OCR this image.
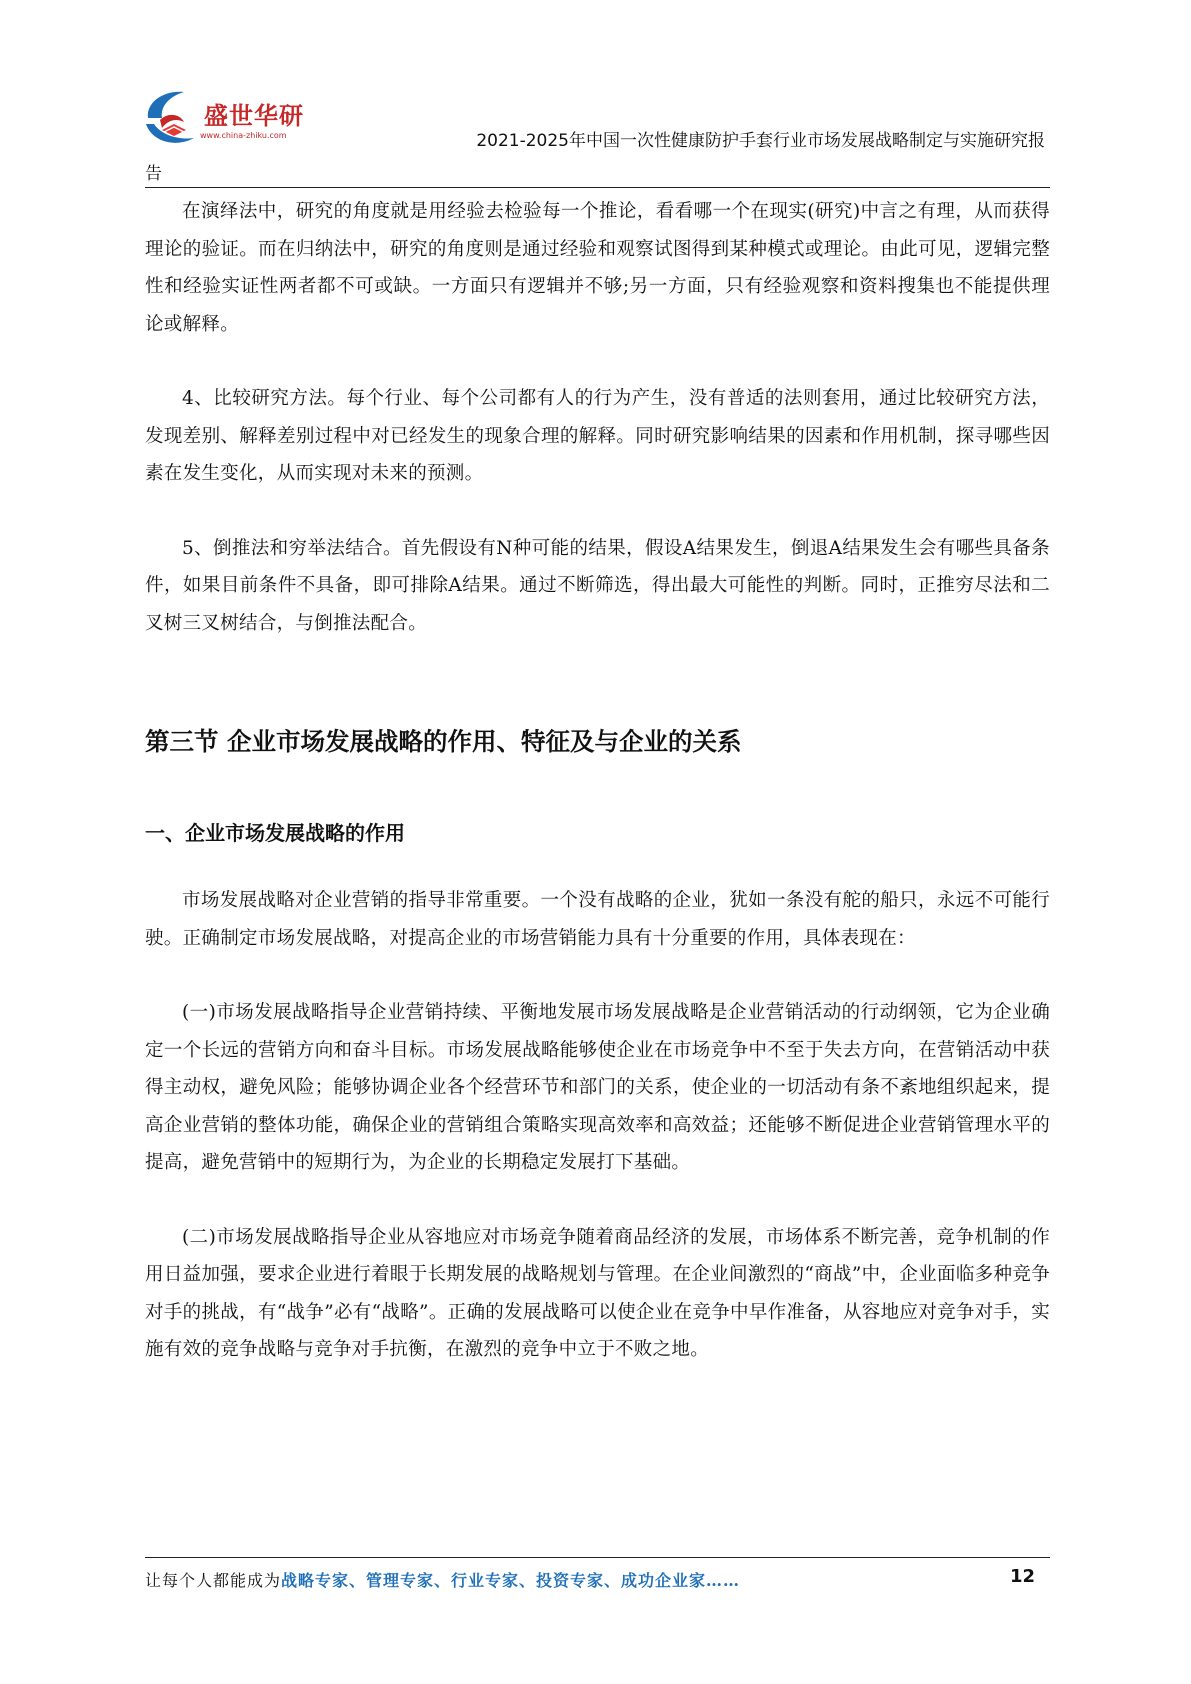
盛世华研
www.china-zhiku.com	2021-2025年中国一次性健康防护手套行业市场发展战略制定与实施研究报
告

在演绎法中，研究的角度就是用经验去检验每一个推论，看看哪一个在现实(研究)中言之有理，从而获得理论的验证。而在归纳法中，研究的角度则是通过经验和观察试图得到某种模式或理论。由此可见，逻辑完整性和经验实证性两者都不可或缺。一方面只有逻辑并不够;另一方面，只有经验观察和资料搜集也不能提供理论或解释。

4、比较研究方法。每个行业、每个公司都有人的行为产生，没有普适的法则套用，通过比较研究方法，发现差别、解释差别过程中对已经发生的现象合理的解释。同时研究影响结果的因素和作用机制，探寻哪些因素在发生变化，从而实现对未来的预测。

5、倒推法和穷举法结合。首先假设有N种可能的结果，假设A结果发生，倒退A结果发生会有哪些具备条件，如果目前条件不具备，即可排除A结果。通过不断筛选，得出最大可能性的判断。同时，正推穷尽法和二叉树三叉树结合，与倒推法配合。

第三节 企业市场发展战略的作用、特征及与企业的关系
一、企业市场发展战略的作用

市场发展战略对企业营销的指导非常重要。一个没有战略的企业，犹如一条没有舵的船只，永远不可能行驶。正确制定市场发展战略，对提高企业的市场营销能力具有十分重要的作用，具体表现在：

(一)市场发展战略指导企业营销持续、平衡地发展市场发展战略是企业营销活动的行动纲领，它为企业确定一个长远的营销方向和奋斗目标。市场发展战略能够使企业在市场竞争中不至于失去方向，在营销活动中获得主动权，避免风险；能够协调企业各个经营环节和部门的关系，使企业的一切活动有条不紊地组织起来，提高企业营销的整体功能，确保企业的营销组合策略实现高效率和高效益；还能够不断促进企业营销管理水平的提高，避免营销中的短期行为，为企业的长期稳定发展打下基础。

(二)市场发展战略指导企业从容地应对市场竞争随着商品经济的发展，市场体系不断完善，竞争机制的作用日益加强，要求企业进行着眼于长期发展的战略规划与管理。在企业间激烈的“商战”中，企业面临多种竞争对手的挑战，有“战争”必有“战略”。正确的发展战略可以使企业在竞争中早作准备，从容地应对竞争对手，实施有效的竞争战略与竞争对手抗衡，在激烈的竞争中立于不败之地。

让每个人都能成为战略专家、管理专家、行业专家、投资专家、成功企业家……	12
